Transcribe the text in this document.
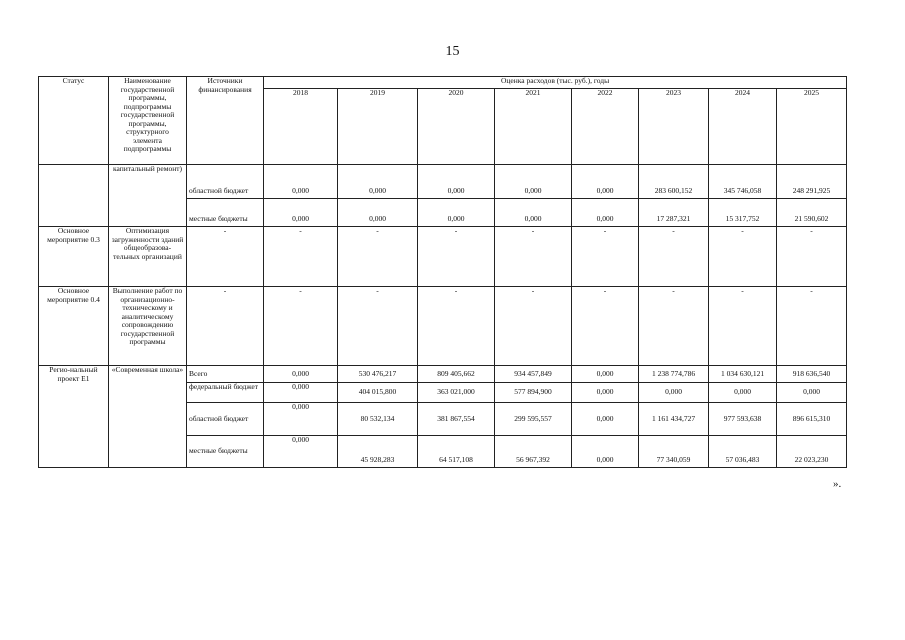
15
Статус	Наименование государственной программы, подпрограммы государственной программы, структурного элемента подпрограммы	Источники финансирования	Оценка расходов (тыс. руб.), годы							
			2018	2019	2020	2021	2022	2023	2024	2025
	капитальный ремонт)	областной бюджет	0,000	0,000	0,000	0,000	0,000	283 600,152	345 746,058	248 291,925
		местные бюджеты	0,000	0,000	0,000	0,000	0,000	17 287,321	15 317,752	21 590,602
Основное мероприятие 0.3	Оптимизация загруженности зданий общеобразова-тельных организаций	-	-	-	-	-	-	-	-	-
Основное мероприятие 0.4	Выполнение работ по организационно-техническому и аналитическому сопровождению государственной программы	-	-	-	-	-	-	-	-	-
Регио-нальный проект Е1	«Современная школа»	Всего	0,000	530 476,217	809 405,662	934 457,849	0,000	1 238 774,786	1 034 630,121	918 636,540
		федеральный бюджет	0,000	404 015,800	363 021,000	577 894,900	0,000	0,000	0,000	0,000
		областной бюджет	0,000	80 532,134	381 867,554	299 595,557	0,000	1 161 434,727	977 593,638	896 615,310
		местные бюджеты	0,000	45 928,283	64 517,108	56 967,392	0,000	77 340,059	57 036,483	22 023,230
».
